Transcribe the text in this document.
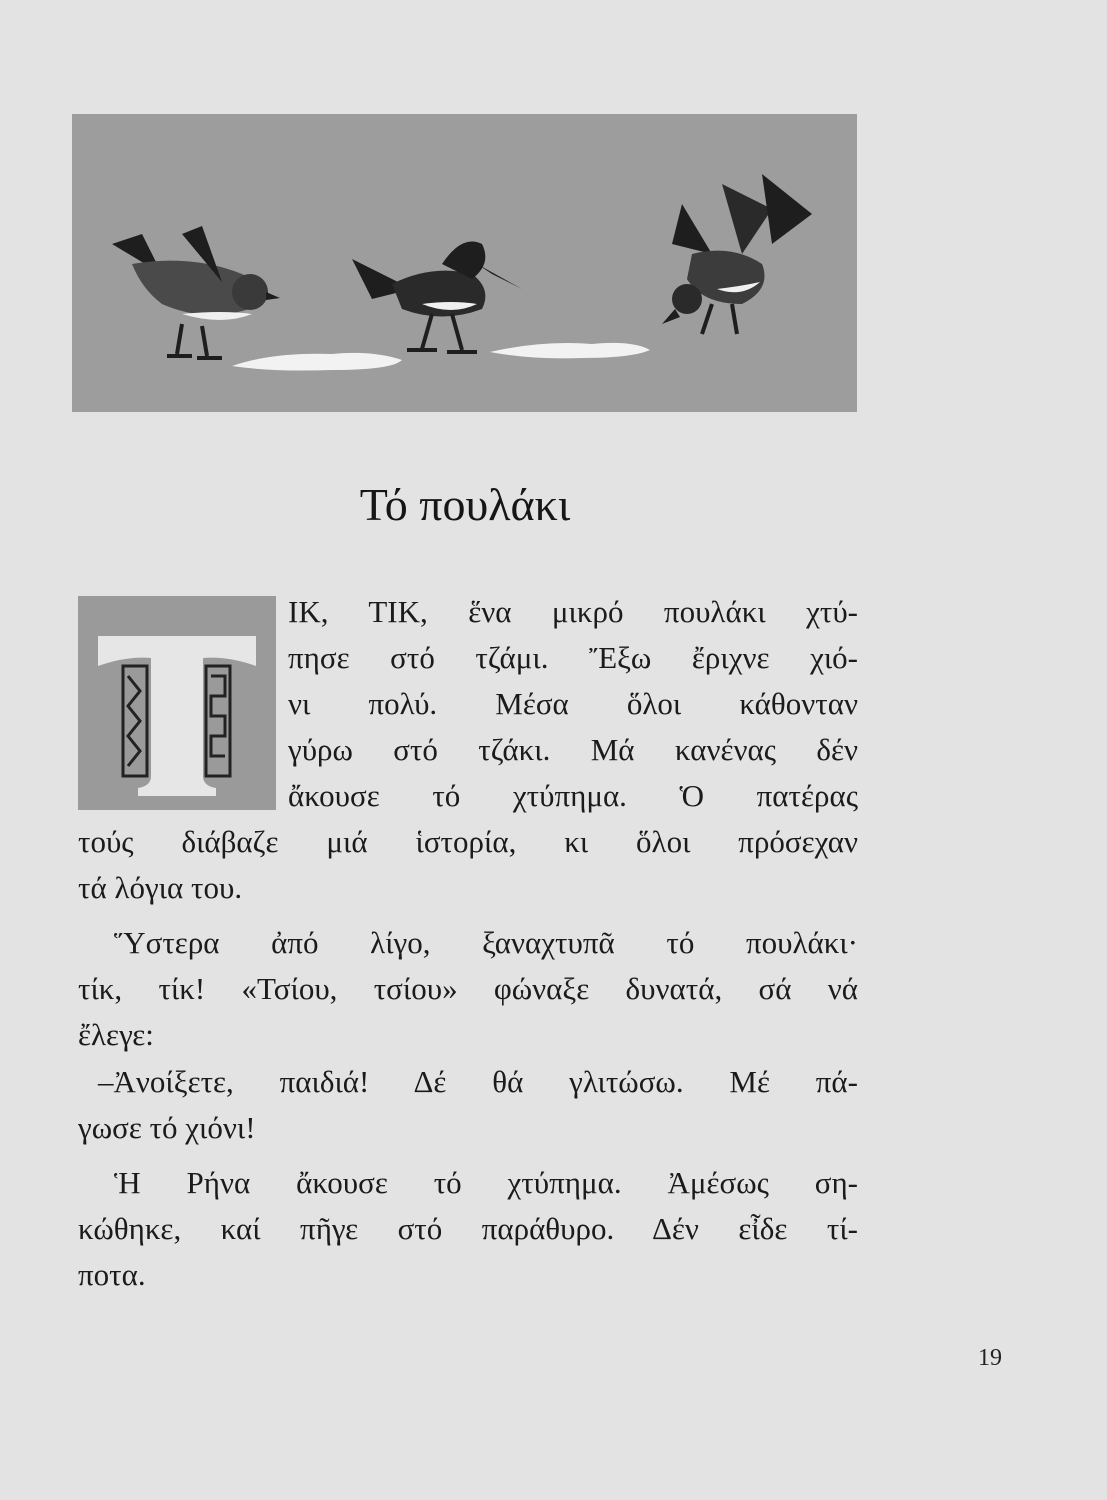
Τό πουλάκι
T
ΙΚ, ΤΙΚ, ἕνα μικρό πουλάκι χτύ-
πησε στό τζάμι. Ἔξω ἔριχνε χιό-
νι πολύ. Μέσα ὅλοι κάθονταν
γύρω στό τζάκι. Μά κανένας δέν
ἄκουσε τό χτύπημα. Ὁ πατέρας
τούς διάβαζε μιά ἱστορία, κι ὅλοι πρόσεχαν
τά λόγια του.
Ὕστερα ἀπό λίγο, ξαναχτυπᾶ τό πουλάκι·
τίκ, τίκ! «Τσίου, τσίου» φώναξε δυνατά, σά νά
ἔλεγε:
–Ἀνοίξετε, παιδιά! Δέ θά γλιτώσω. Μέ πά-
γωσε τό χιόνι!
Ἡ Ρήνα ἄκουσε τό χτύπημα. Ἀμέσως ση-
κώθηκε, καί πῆγε στό παράθυρο. Δέν εἶδε τί-
ποτα.
19
